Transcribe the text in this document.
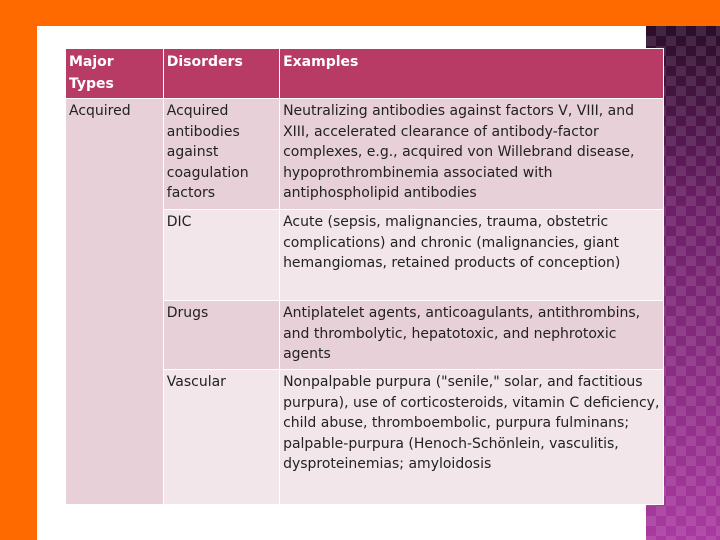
Major Types	Disorders	Examples
Acquired	Acquired antibodies against coagulation factors	Neutralizing antibodies against factors V, VIII, and XIII, accelerated clearance of antibody-factor complexes, e.g., acquired von Willebrand disease, hypoprothrombinemia associated with antiphospholipid antibodies
	DIC	Acute (sepsis, malignancies, trauma, obstetric complications) and chronic (malignancies, giant hemangiomas, retained products of conception)
	Drugs	Antiplatelet agents, anticoagulants, antithrombins, and thrombolytic, hepatotoxic, and nephrotoxic agents
	Vascular	Nonpalpable purpura ("senile," solar, and factitious purpura), use of corticosteroids, vitamin C deficiency, child abuse, thromboembolic, purpura fulminans; palpable-purpura (Henoch-Schönlein, vasculitis, dysproteinemias; amyloidosis
